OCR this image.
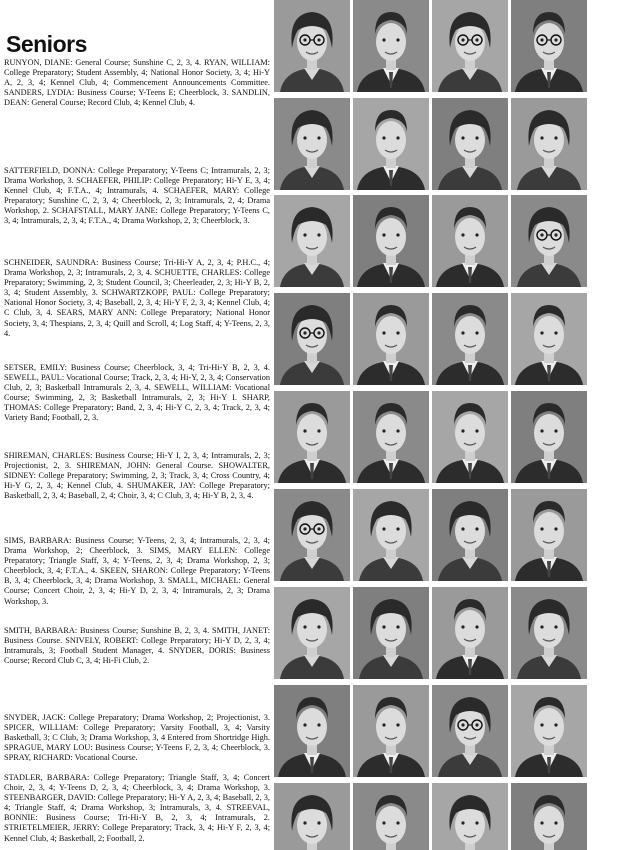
Seniors

RUNYON, DIANE: General Course; Sunshine C, 2, 3, 4. RYAN, WILLIAM: College Preparatory; Student Assembly, 4; National Honor Society, 3, 4; Hi-Y A, 2, 3, 4; Kennel Club, 4; Commencement Announcements Committee. SANDERS, LYDIA: Business Course; Y-Teens E; Cheerblock, 3. SANDLIN, DEAN: General Course; Record Club, 4; Kennel Club, 4.

SATTERFIELD, DONNA: College Preparatory; Y-Teens C; Intramurals, 2, 3; Drama Workshop, 3. SCHAEFER, PHILIP: College Preparatory; Hi-Y E, 3, 4; Kennel Club, 4; F.T.A., 4; Intramurals, 4. SCHAEFER, MARY: College Preparatory; Sunshine C, 2, 3, 4; Cheerblock, 2, 3; Intramurals, 2, 4; Drama Workshop, 2. SCHAFSTALL, MARY JANE: College Preparatory; Y-Teens C, 3, 4; Intramurals, 2, 3, 4; F.T.A., 4; Drama Workshop, 2, 3; Cheerblock, 3.

SCHNEIDER, SAUNDRA: Business Course; Tri-Hi-Y A, 2, 3, 4; P.H.C., 4; Drama Workshop, 2, 3; Intramurals, 2, 3, 4. SCHUETTE, CHARLES: College Preparatory; Swimming, 2, 3; Student Council, 3; Cheerleader, 2, 3; Hi-Y B, 2, 3, 4; Student Assembly, 3. SCHWARTZKOPF, PAUL: College Preparatory; National Honor Society, 3, 4; Baseball, 2, 3, 4; Hi-Y F, 2, 3, 4; Kennel Club, 4; C Club, 3, 4. SEARS, MARY ANN: College Preparatory; National Honor Society, 3, 4; Thespians, 2, 3, 4; Quill and Scroll, 4; Log Staff, 4; Y-Teens, 2, 3, 4.

SETSER, EMILY: Business Course; Cheerblock, 3, 4; Tri-Hi-Y B, 2, 3, 4. SEWELL, PAUL: Vocational Course; Track, 2, 3, 4; Hi-Y, 2, 3, 4; Conservation Club, 2, 3; Basketball Intramurals 2, 3, 4. SEWELL, WILLIAM: Vocational Course; Swimming, 2, 3; Basketball Intramurals, 2, 3; Hi-Y I. SHARP, THOMAS: College Preparatory; Band, 2, 3, 4; Hi-Y C, 2, 3, 4; Track, 2, 3, 4; Variety Band; Football, 2, 3.

SHIREMAN, CHARLES: Business Course; Hi-Y I, 2, 3, 4; Intramurals, 2, 3; Projectionist, 2, 3. SHIREMAN, JOHN: General Course. SHOWALTER, SIDNEY: College Preparatory; Swimming, 2, 3; Track, 3, 4; Cross Country, 4; Hi-Y G, 2, 3, 4; Kennel Club, 4. SHUMAKER, JAY: College Preparatory; Basketball, 2, 3, 4; Baseball, 2, 4; Choir, 3, 4; C Club, 3, 4; Hi-Y B, 2, 3, 4.

SIMS, BARBARA: Business Course; Y-Teens, 2, 3, 4; Intramurals, 2, 3, 4; Drama Workshop, 2; Cheerblock, 3. SIMS, MARY ELLEN: College Preparatory; Triangle Staff, 3, 4; Y-Teens, 2, 3, 4; Drama Workshop, 2, 3; Cheerblock, 3, 4; F.T.A., 4. SKEEN, SHARON: College Preparatory; Y-Teens B, 3, 4; Cheerblock, 3, 4; Drama Workshop, 3. SMALL, MICHAEL: General Course; Concert Choir, 2, 3, 4; Hi-Y D, 2, 3, 4; Intramurals, 2, 3; Drama Workshop, 3.

SMITH, BARBARA: Business Course; Sunshine B, 2, 3, 4. SMITH, JANET: Business Course. SNIVELY, ROBERT: College Preparatory; Hi-Y D, 2, 3, 4; Intramurals, 3; Football Student Manager, 4. SNYDER, DORIS: Business Course; Record Club C, 3, 4; Hi-Fi Club, 2.

SNYDER, JACK: College Preparatory; Drama Workshop, 2; Projectionist, 3. SPICER, WILLIAM: College Preparatory; Varsity Football, 3, 4; Varsity Basketball, 3; C Club, 3; Drama Workshop, 3, 4 Entered from Shortridge High. SPRAGUE, MARY LOU: Business Course; Y-Teens F, 2, 3, 4; Cheerblock, 3. SPRAY, RICHARD: Vocational Course.

STADLER, BARBARA: College Preparatory; Triangle Staff, 3, 4; Concert Choir, 2, 3, 4; Y-Teens D, 2, 3, 4; Cheerblock, 3, 4; Drama Workshop, 3. STEENBARGER, DAVID: College Preparatory; Hi-Y A, 2, 3, 4; Baseball, 2, 3, 4; Triangle Staff, 4; Drama Workshop, 3; Intramurals, 3, 4. STREEVAL, BONNIE: Business Course; Tri-Hi-Y B, 2, 3, 4; Intramurals, 2. STRIETELMEIER, JERRY: College Preparatory; Track, 3, 4; Hi-Y F, 2, 3, 4; Kennel Club, 4; Basketball, 2; Football, 2.
